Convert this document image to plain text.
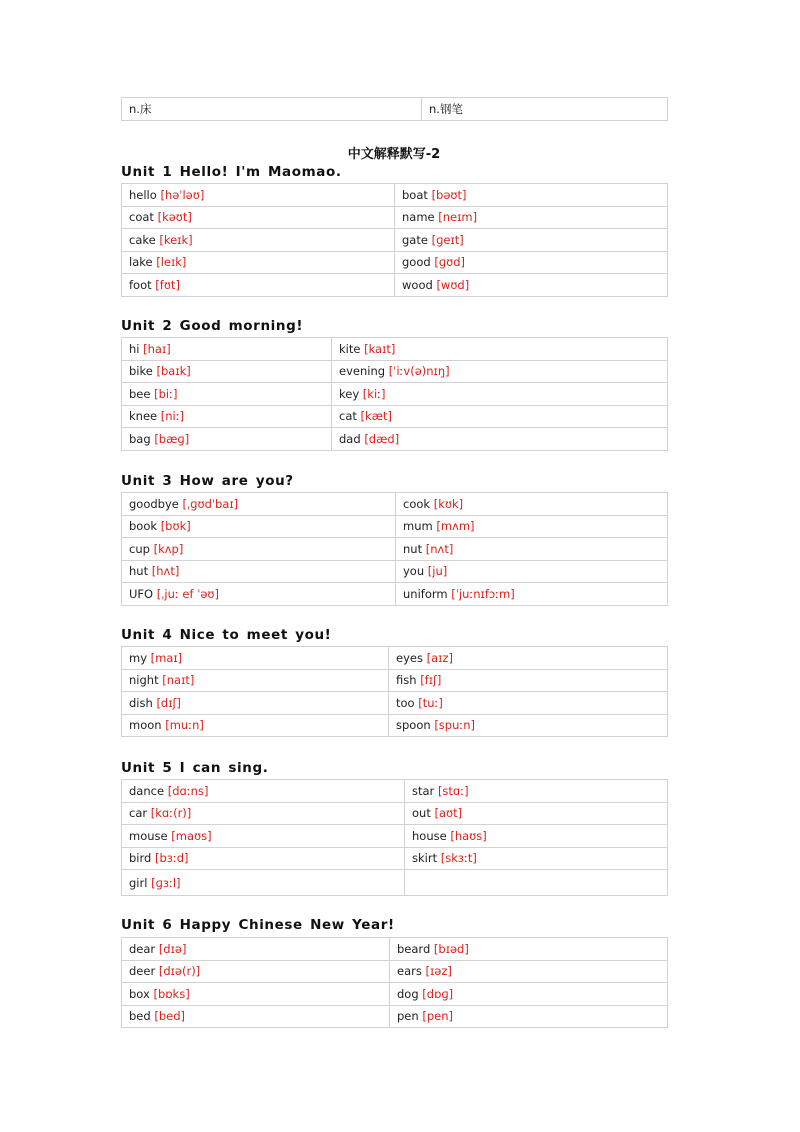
n.床	n.钢笔
中文解释默写-2
Unit 1 Hello! I'm Maomao.
hello [həˈləʊ]	boat [bəʊt]
coat [kəʊt]	name [neɪm]
cake [keɪk]	gate [ɡeɪt]
lake [leɪk]	good [ɡʊd]
foot [fʊt]	wood [wʊd]
Unit 2 Good morning!
hi [haɪ]	kite [kaɪt]
bike [baɪk]	evening [ˈiːv(ə)nɪŋ]
bee [biː]	key [kiː]
knee [niː]	cat [kæt]
bag [bæɡ]	dad [dæd]
Unit 3 How are you?
goodbye [ˌɡʊdˈbaɪ]	cook [kʊk]
book [bʊk]	mum [mʌm]
cup [kʌp]	nut [nʌt]
hut [hʌt]	you [ju]
UFO [ˌjuː ef ˈəʊ]	uniform [ˈjuːnɪfɔːm]
Unit 4 Nice to meet you!
my [maɪ]	eyes [aɪz]
night [naɪt]	fish [fɪʃ]
dish [dɪʃ]	too [tuː]
moon [muːn]	spoon [spuːn]
Unit 5 I can sing.
dance [dɑːns]	star [stɑː]
car [kɑː(r)]	out [aʊt]
mouse [maʊs]	house [haʊs]
bird [bɜːd]	skirt [skɜːt]
girl [ɡɜːl]	
Unit 6 Happy Chinese New Year!
dear [dɪə]	beard [bɪəd]
deer [dɪə(r)]	ears [ɪəz]
box [bɒks]	dog [dɒɡ]
bed [bed]	pen [pen]
